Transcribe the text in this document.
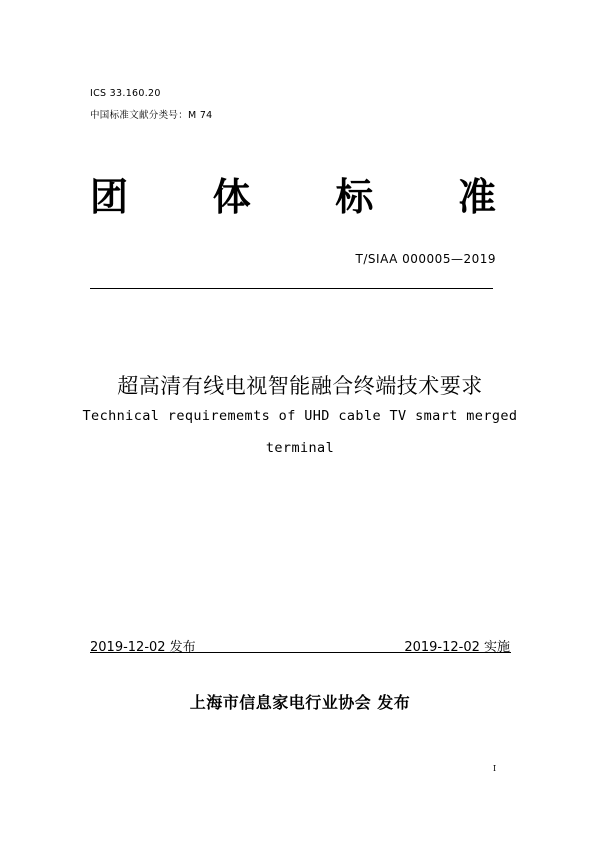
ICS 33.160.20
中国标准文献分类号：M 74
团 体 标 准
T/SIAA 000005—2019
超高清有线电视智能融合终端技术要求
Technical requirememts of UHD cable TV smart merged
terminal
2019-12-02 发布	2019-12-02 实施
上海市信息家电行业协会 发布
I
